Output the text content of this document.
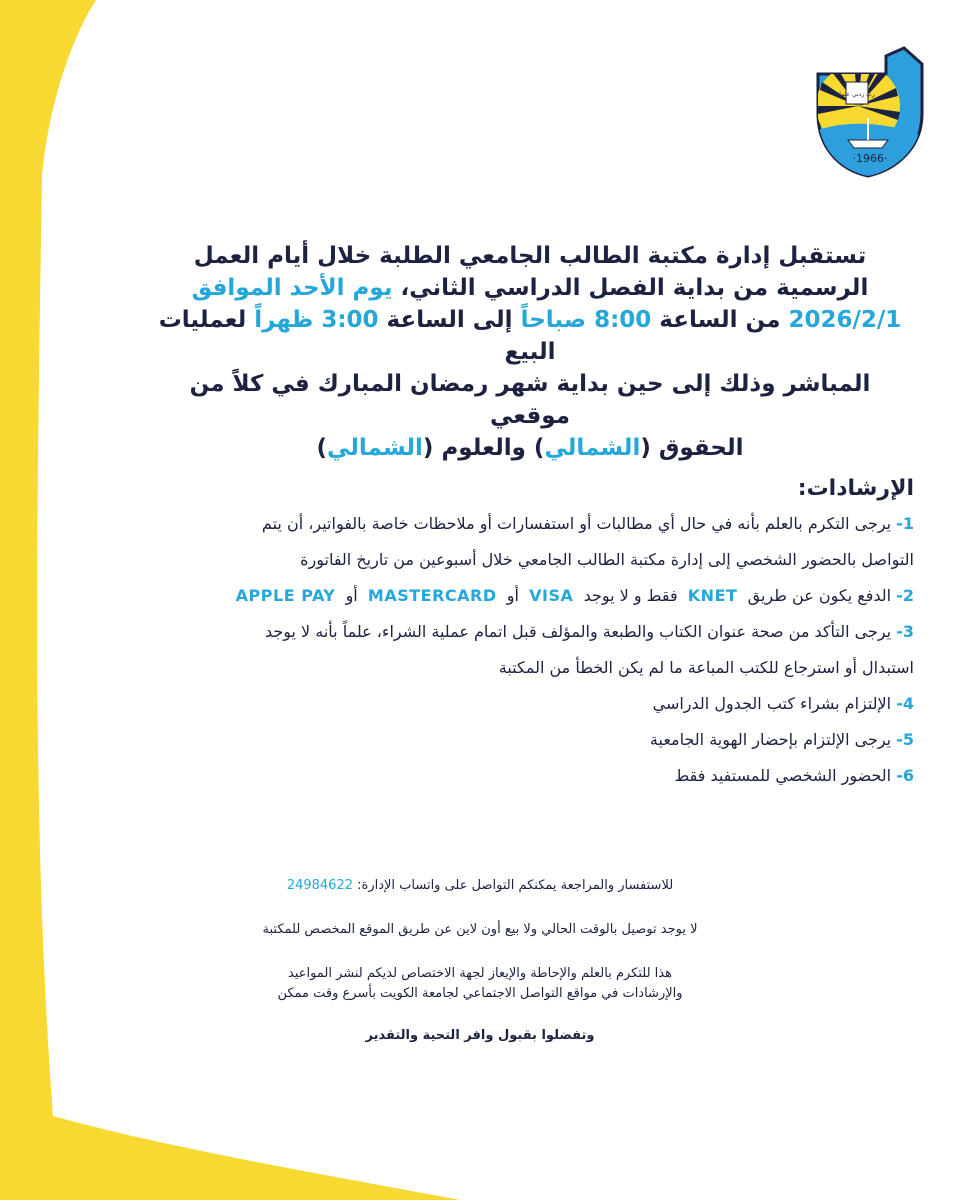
رب زدني علما
·1966·
تستقبل إدارة مكتبة الطالب الجامعي الطلبة خلال أيام العمل
الرسمية من بداية الفصل الدراسي الثاني، يوم الأحد الموافق
2026/2/1 من الساعة 8:00 صباحاً إلى الساعة 3:00 ظهراً لعمليات البيع
المباشر وذلك إلى حين بداية شهر رمضان المبارك في كلاً من موقعي
الحقوق (الشمالي) والعلوم (الشمالي)
الإرشادات:
1- يرجى التكرم بالعلم بأنه في حال أي مطالبات أو استفسارات أو ملاحظات خاصة بالفواتير، أن يتم
التواصل بالحضور الشخصي إلى إدارة مكتبة الطالب الجامعي خلال أسبوعين من تاريخ الفاتورة
2- الدفع يكون عن طريق  KNET  فقط و لا يوجد  VISA  أو  MASTERCARD  أو  APPLE PAY
3- يرجى التأكد من صحة عنوان الكتاب والطبعة والمؤلف قبل اتمام عملية الشراء، علماً بأنه لا يوجد
استبدال أو استرجاع للكتب المباعة ما لم يكن الخطأ من المكتبة
4- الإلتزام بشراء كتب الجدول الدراسي
5- يرجى الإلتزام بإحضار الهوية الجامعية
6- الحضور الشخصي للمستفيد فقط
للاستفسار والمراجعة يمكنكم التواصل على واتساب الإدارة: 24984622
لا يوجد توصيل بالوقت الحالي ولا بيع أون لاين عن طريق الموقع المخصص للمكتبة
هذا للتكرم بالعلم والإحاطة والإيعاز لجهة الاختصاص لديكم لنشر المواعيد
والإرشادات في مواقع التواصل الاجتماعي لجامعة الكويت بأسرع وقت ممكن
وتفضلوا بقبول وافر التحية والتقدير
